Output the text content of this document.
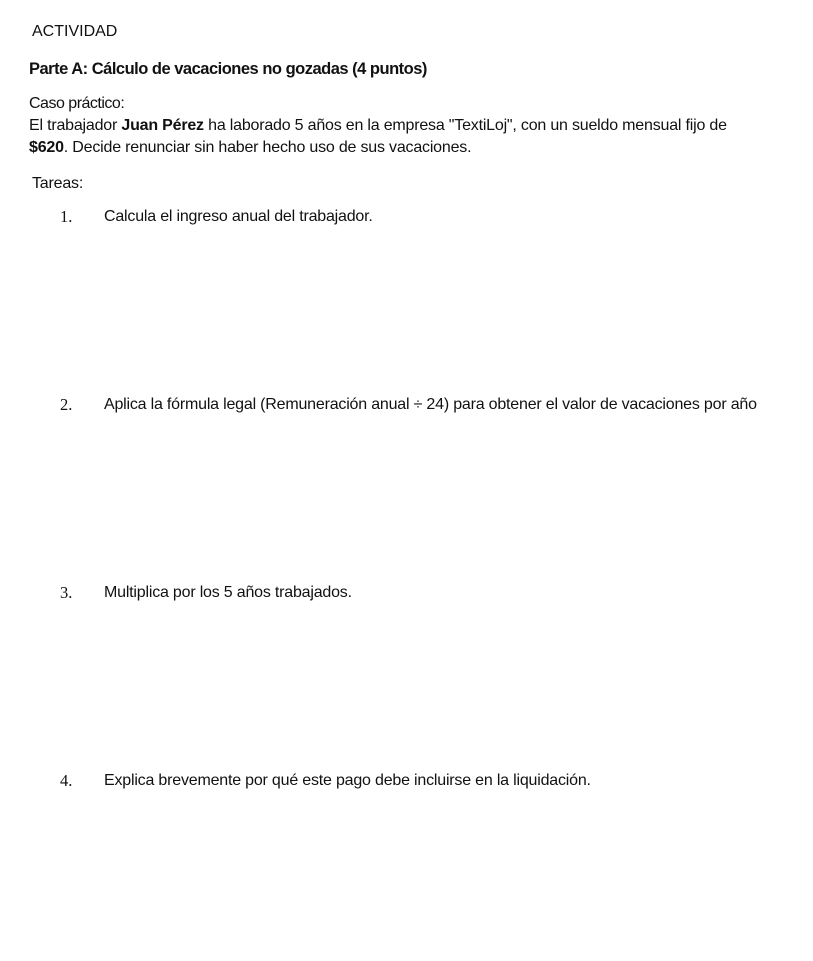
ACTIVIDAD
Parte A: Cálculo de vacaciones no gozadas (4 puntos)
Caso práctico:
El trabajador Juan Pérez ha laborado 5 años en la empresa "TextiLoj", con un sueldo mensual fijo de
$620. Decide renunciar sin haber hecho uso de sus vacaciones.
Tareas:
1. Calcula el ingreso anual del trabajador.
2. Aplica la fórmula legal (Remuneración anual ÷ 24) para obtener el valor de vacaciones por año
3. Multiplica por los 5 años trabajados.
4. Explica brevemente por qué este pago debe incluirse en la liquidación.
